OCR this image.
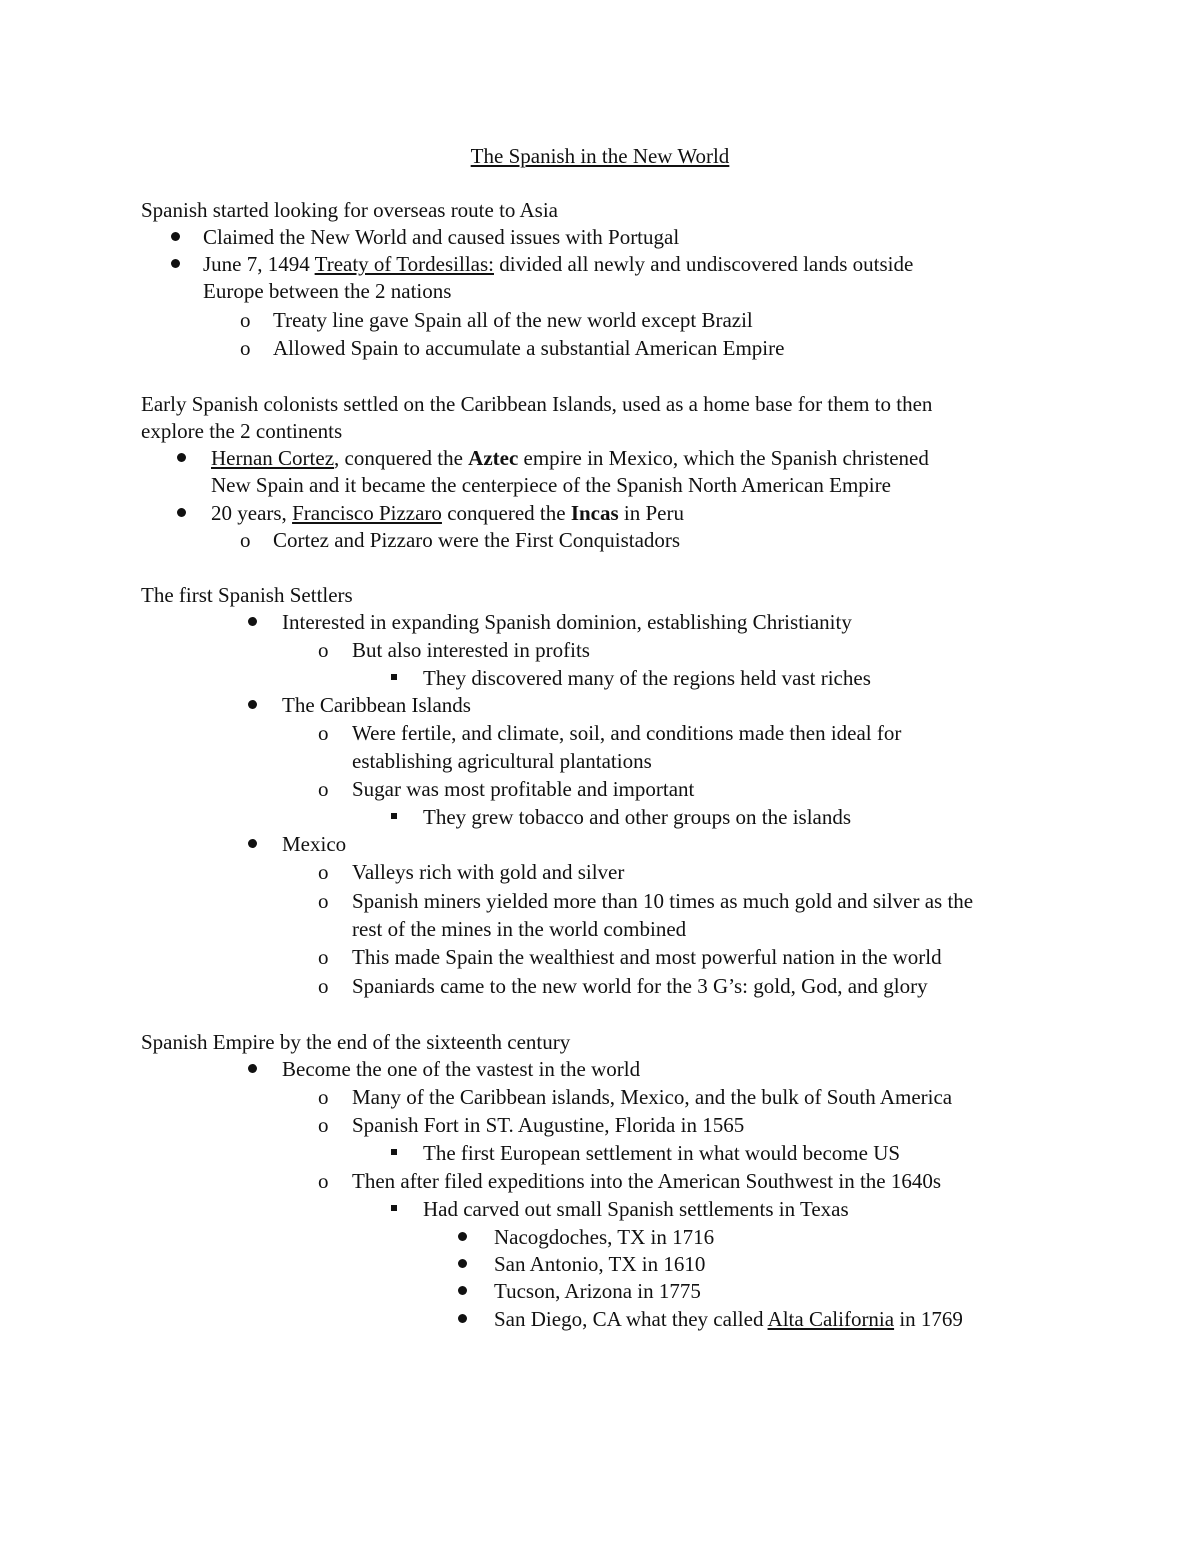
The Spanish in the New World
Spanish started looking for overseas route to Asia
Claimed the New World and caused issues with Portugal
June 7, 1494 Treaty of Tordesillas: divided all newly and undiscovered lands outside
Europe between the 2 nations
o Treaty line gave Spain all of the new world except Brazil
o Allowed Spain to accumulate a substantial American Empire
Early Spanish colonists settled on the Caribbean Islands, used as a home base for them to then
explore the 2 continents
Hernan Cortez, conquered the Aztec empire in Mexico, which the Spanish christened
New Spain and it became the centerpiece of the Spanish North American Empire
20 years, Francisco Pizzaro conquered the Incas in Peru
o Cortez and Pizzaro were the First Conquistadors
The first Spanish Settlers
Interested in expanding Spanish dominion, establishing Christianity
o But also interested in profits
They discovered many of the regions held vast riches
The Caribbean Islands
o Were fertile, and climate, soil, and conditions made then ideal for
establishing agricultural plantations
o Sugar was most profitable and important
They grew tobacco and other groups on the islands
Mexico
o Valleys rich with gold and silver
o Spanish miners yielded more than 10 times as much gold and silver as the
rest of the mines in the world combined
o This made Spain the wealthiest and most powerful nation in the world
o Spaniards came to the new world for the 3 G’s: gold, God, and glory
Spanish Empire by the end of the sixteenth century
Become the one of the vastest in the world
o Many of the Caribbean islands, Mexico, and the bulk of South America
o Spanish Fort in ST. Augustine, Florida in 1565
The first European settlement in what would become US
o Then after filed expeditions into the American Southwest in the 1640s
Had carved out small Spanish settlements in Texas
Nacogdoches, TX in 1716
San Antonio, TX in 1610
Tucson, Arizona in 1775
San Diego, CA what they called Alta California in 1769
